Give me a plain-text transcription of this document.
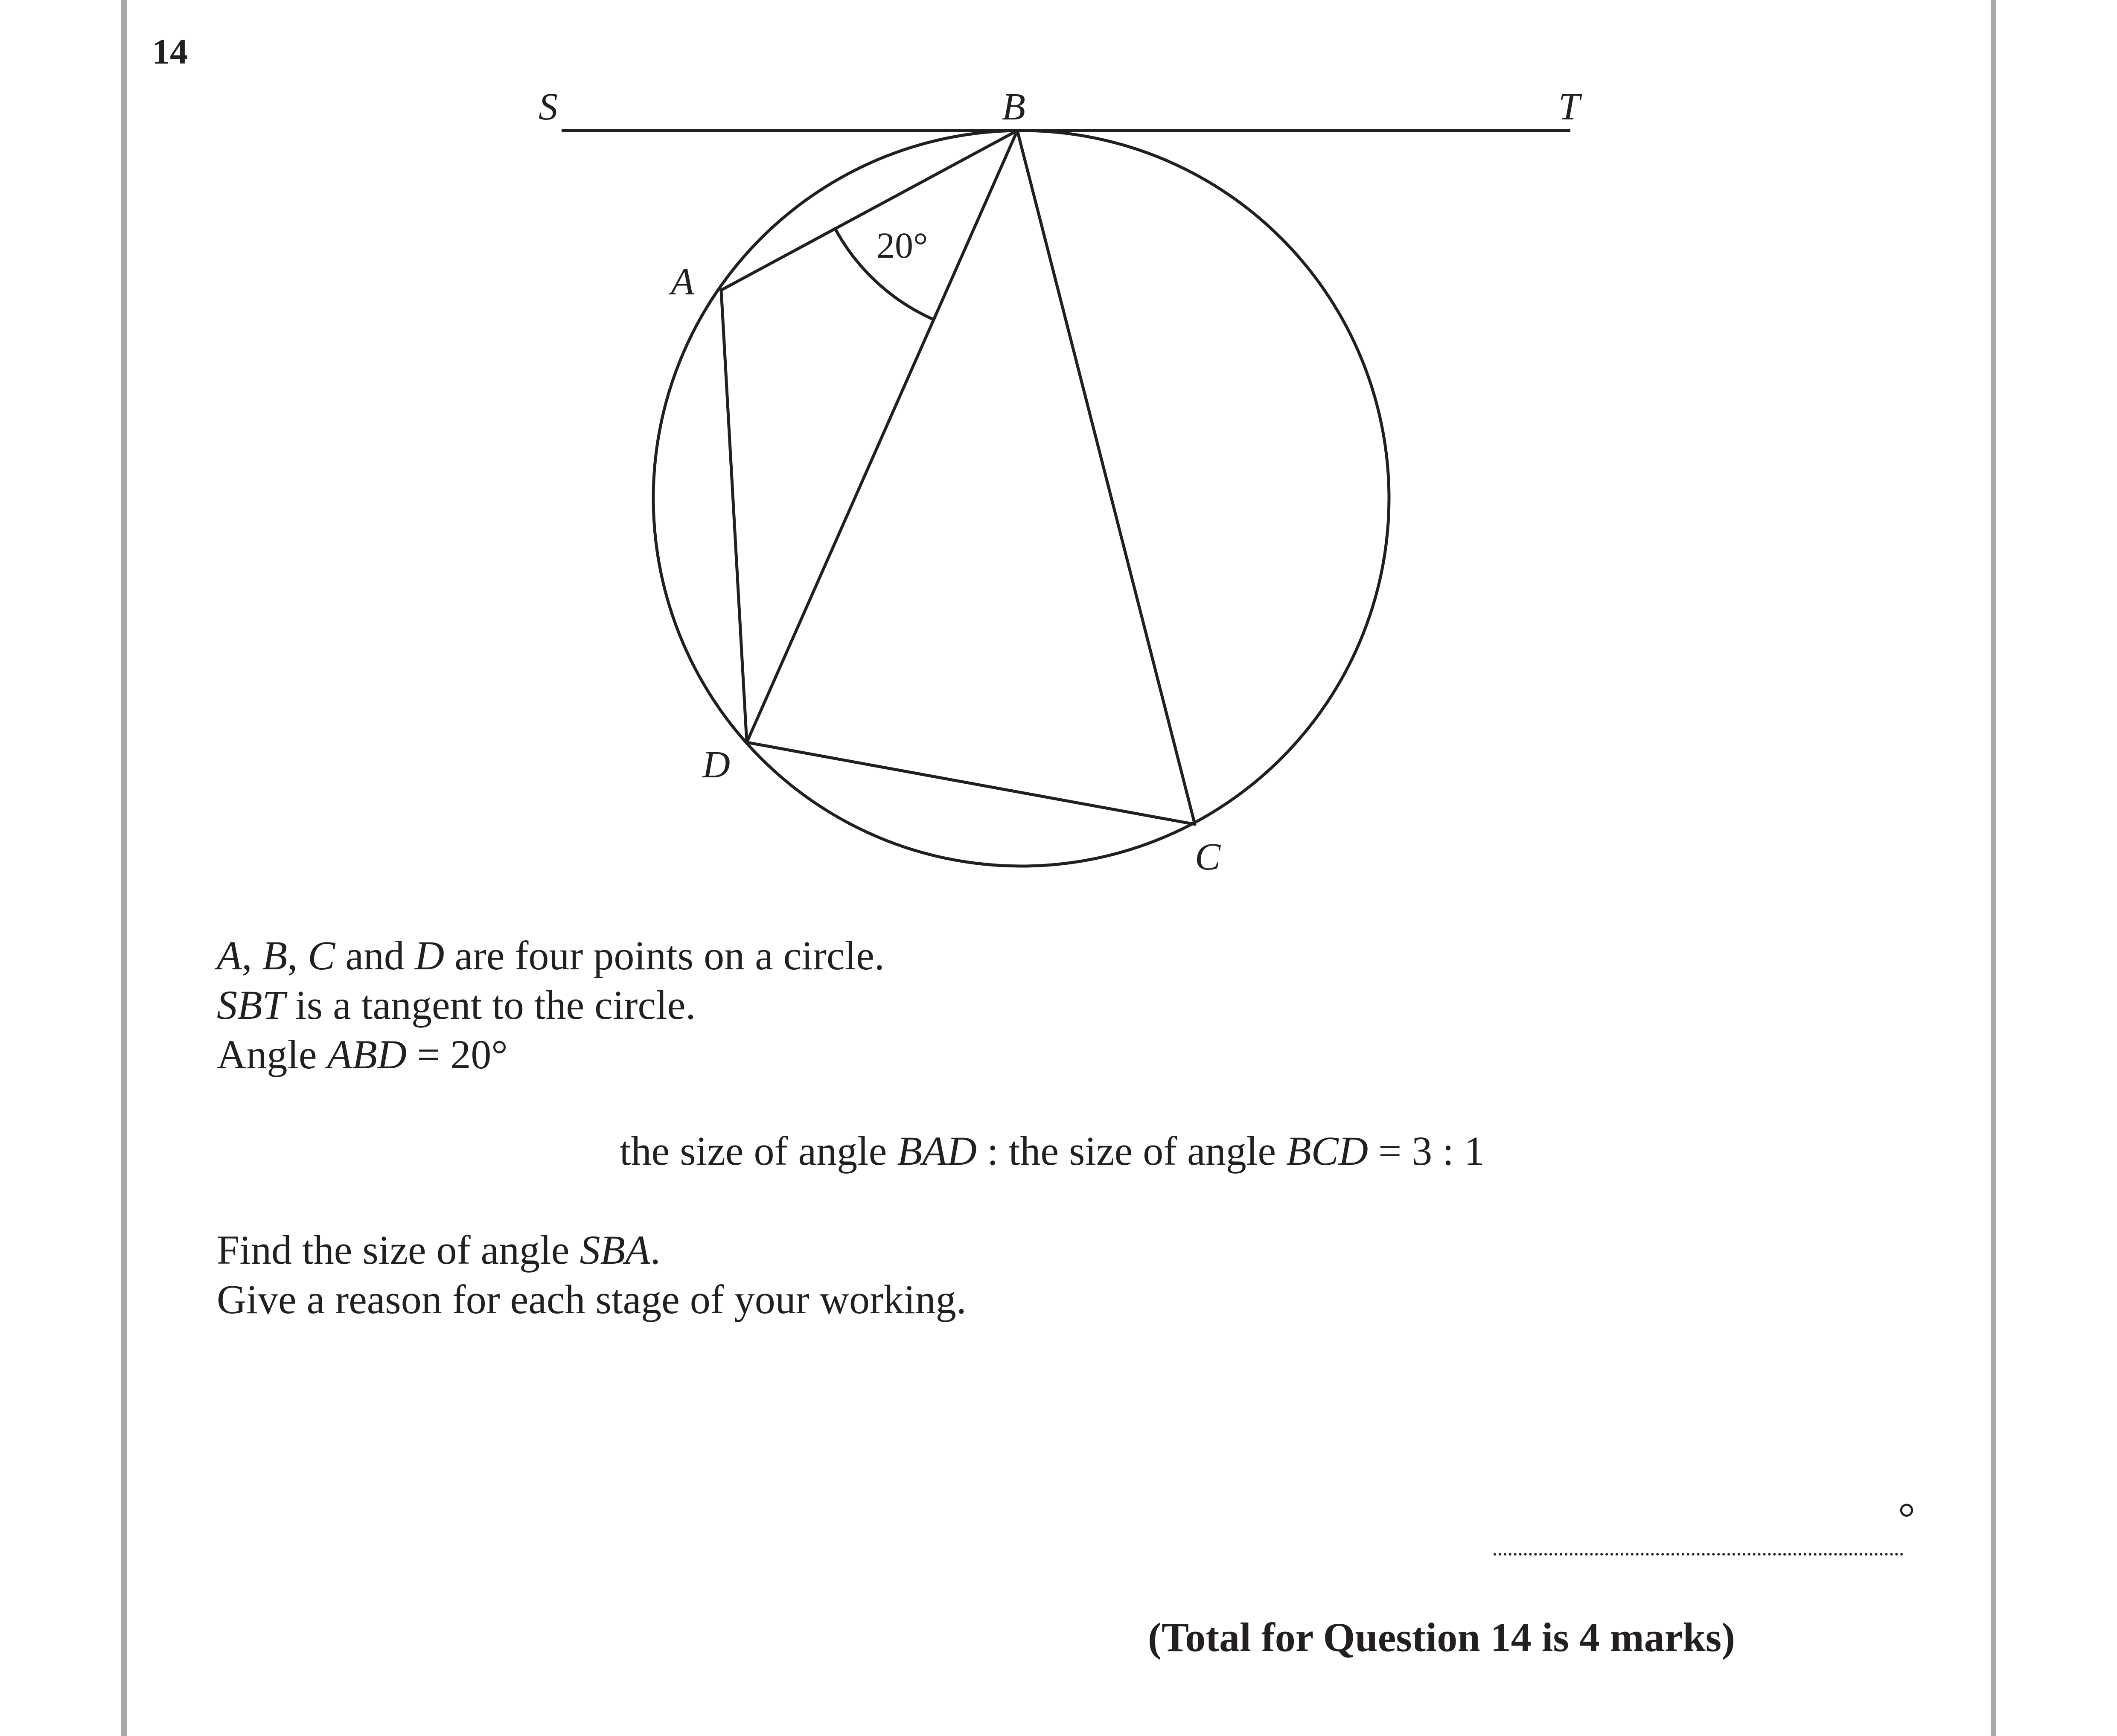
14
S	B	T
A
D
C
20°
A, B, C and D are four points on a circle.
SBT is a tangent to the circle.
Angle ABD = 20°
the size of angle BAD : the size of angle BCD = 3 : 1
Find the size of angle SBA.
Give a reason for each stage of your working.
°
(Total for Question 14 is 4 marks)
